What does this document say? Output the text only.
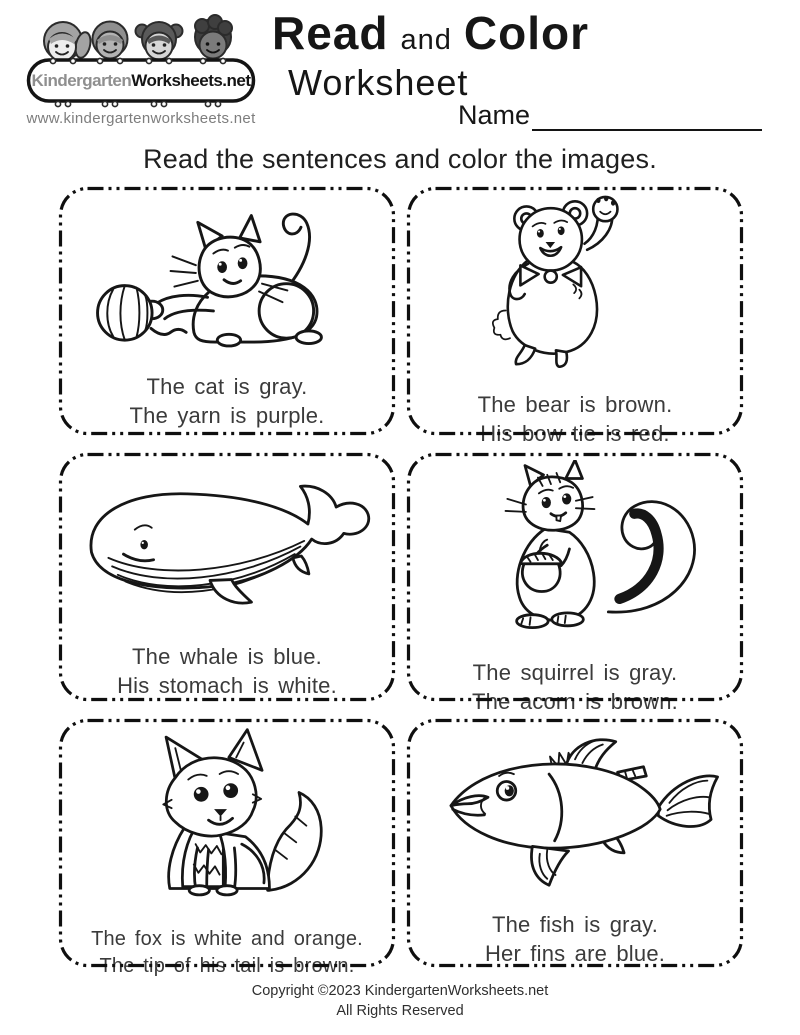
Kindergarten Worksheets.net
www.kindergartenworksheets.net
Read and Color
Worksheet
Name
Read the sentences and color the images.

The cat is gray.
The yarn is purple.	The bear is brown.
His bow tie is red.

The whale is blue.
His stomach is white.

The squirrel is gray.
The acorn is brown.

The fox is white and orange.
The tip of his tail is brown.

The fish is gray.
Her fins are blue.

Copyright ©2023 KindergartenWorksheets.net
All Rights Reserved
